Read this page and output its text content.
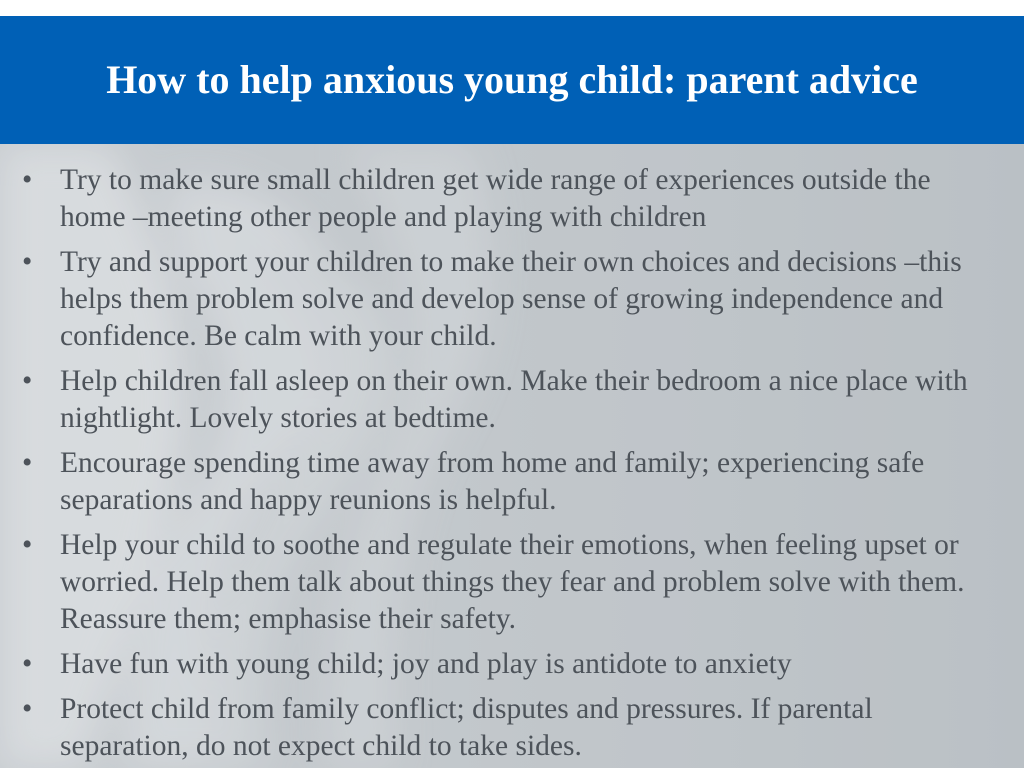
How to help anxious young child: parent advice
• Try to make sure small children get wide range of experiences outside the home –meeting other people and playing with children
• Try and support your children to make their own choices and decisions –this helps them problem solve and develop sense of growing independence and confidence. Be calm with your child.
• Help children fall asleep on their own. Make their bedroom a nice place with nightlight. Lovely stories at bedtime.
• Encourage spending time away from home and family; experiencing safe separations and happy reunions is helpful.
• Help your child to soothe and regulate their emotions, when feeling upset or worried. Help them talk about things they fear and problem solve with them. Reassure them; emphasise their safety.
• Have fun with young child; joy and play is antidote to anxiety
• Protect child from family conflict; disputes and pressures. If parental separation, do not expect child to take sides.
